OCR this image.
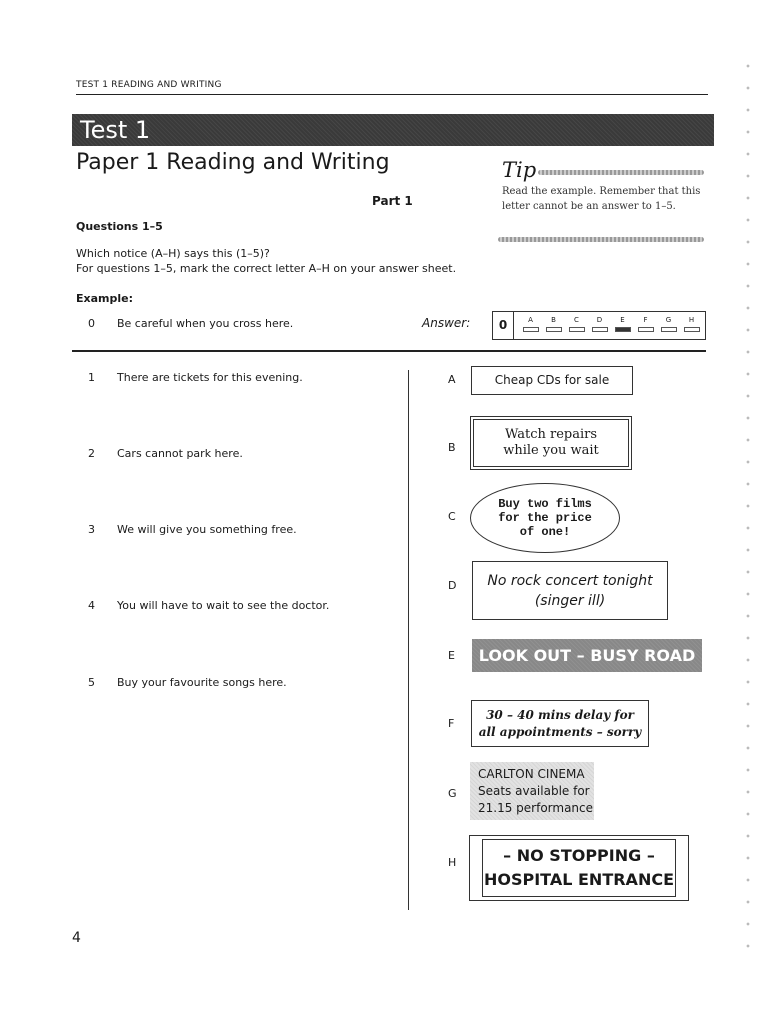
TEST 1 READING AND WRITING
Test 1
Paper 1 Reading and Writing
Part 1
Questions 1–5
Which notice (A–H) says this (1–5)?
For questions 1–5, mark the correct letter A–H on your answer sheet.
Tip
Read the example. Remember that this letter cannot be an answer to 1–5.
Example:
0 Be careful when you cross here.	Answer:	0	A	B	C	D	E	F	G	H
1 There are tickets for this evening.
2 Cars cannot park here.
3 We will give you something free.
4 You will have to wait to see the doctor.
5 Buy your favourite songs here.
A
B
C
D
E
F
G
H
Cheap CDs for sale
Watch repairs
while you wait
Buy two films
for the price
of one!
No rock concert tonight
(singer ill)
LOOK OUT – BUSY ROAD
30 – 40 mins delay for
all appointments – sorry
CARLTON CINEMA
Seats available for
21.15 performance
– NO STOPPING –
HOSPITAL ENTRANCE
4
